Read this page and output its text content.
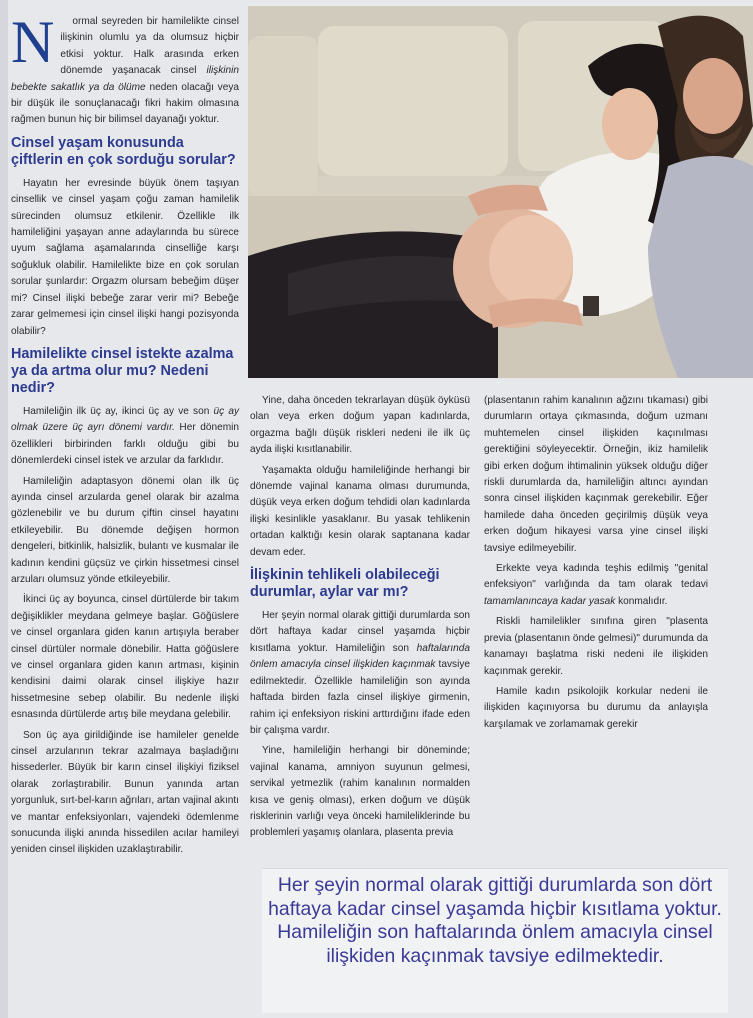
N	ormal seyreden bir hamilelikte cinsel ilişkinin olumlu ya da olumsuz hiçbir etkisi yoktur. Halk arasında erken dönemde yaşanacak cinsel ilişkinin bebekte sakatlık ya da ölüme neden olacağı veya bir düşük ile sonuçlanacağı fikri hakim olmasına rağmen bunun hiç bir bilimsel dayanağı yoktur.

Cinsel yaşam konusunda çiftlerin en çok sorduğu sorular?

Hayatın her evresinde büyük önem taşıyan cinsellik ve cinsel yaşam çoğu zaman hamilelik sürecinden olumsuz etkilenir. Özellikle ilk hamileliğini yaşayan anne adaylarında bu sürece uyum sağlama aşamalarında cinselliğe karşı soğukluk olabilir. Hamilelikte bize en çok sorulan sorular şunlardır: Orgazm olursam bebeğim düşer mi? Cinsel ilişki bebeğe zarar verir mi? Bebeğe zarar gelmemesi için cinsel ilişki hangi pozisyonda olabilir?

Hamilelikte cinsel istekte azalma ya da artma olur mu? Nedeni nedir?

Hamileliğin ilk üç ay, ikinci üç ay ve son üç ay olmak üzere üç ayrı dönemi vardır. Her dönemin özellikleri birbirinden farklı olduğu gibi bu dönemlerdeki cinsel istek ve arzular da farklıdır.

Hamileliğin adaptasyon dönemi olan ilk üç ayında cinsel arzularda genel olarak bir azalma gözlenebilir ve bu durum çiftin cinsel hayatını etkileyebilir. Bu dönemde değişen hormon dengeleri, bitkinlik, halsizlik, bulantı ve kusmalar ile kadının kendini güçsüz ve çirkin hissetmesi cinsel arzuları olumsuz yönde etkileyebilir.

İkinci üç ay boyunca, cinsel dürtülerde bir takım değişiklikler meydana gelmeye başlar. Göğüslere ve cinsel organlara giden kanın artışıyla beraber cinsel dürtüler normale dönebilir. Hatta göğüslere ve cinsel organlara giden kanın artması, kişinin kendisini daimi olarak cinsel ilişkiye hazır hissetmesine sebep olabilir. Bu nedenle ilişki esnasında dürtülerde artış bile meydana gelebilir.

Son üç aya girildiğinde ise hamileler genelde cinsel arzularının tekrar azalmaya başladığını hissederler. Büyük bir karın cinsel ilişkiyi fiziksel olarak zorlaştırabilir. Bunun yanında artan yorgunluk, sırt-bel-karın ağrıları, artan vajinal akıntı ve mantar enfeksiyonları, vajendeki ödemlenme sonucunda ilişki anında hissedilen acılar hamileyi yeniden cinsel ilişkiden uzaklaştırabilir.

Yine, daha önceden tekrarlayan düşük öyküsü olan veya erken doğum yapan kadınlarda, orgazma bağlı düşük riskleri nedeni ile ilk üç ayda ilişki kısıtlanabilir.

Yaşamakta olduğu hamileliğinde herhangi bir dönemde vajinal kanama olması durumunda, düşük veya erken doğum tehdidi olan kadınlarda ilişki kesinlikle yasaklanır. Bu yasak tehlikenin ortadan kalktığı kesin olarak saptanana kadar devam eder.

İlişkinin tehlikeli olabileceği durumlar, aylar var mı?

Her şeyin normal olarak gittiği durumlarda son dört haftaya kadar cinsel yaşamda hiçbir kısıtlama yoktur. Hamileliğin son haftalarında önlem amacıyla cinsel ilişkiden kaçınmak tavsiye edilmektedir. Özellikle hamileliğin son ayında haftada birden fazla cinsel ilişkiye girmenin, rahim içi enfeksiyon riskini arttırdığını ifade eden bir çalışma vardır.

Yine, hamileliğin herhangi bir döneminde; vajinal kanama, amniyon suyunun gelmesi, servikal yetmezlik (rahim kanalının normalden kısa ve geniş olması), erken doğum ve düşük risklerinin varlığı veya önceki hamileliklerinde bu problemleri yaşamış olanlara, plasenta previa

(plasentanın rahim kanalının ağzını tıkaması) gibi durumların ortaya çıkmasında, doğum uzmanı muhtemelen cinsel ilişkiden kaçınılması gerektiğini söyleyecektir. Örneğin, ikiz hamilelik gibi erken doğum ihtimalinin yüksek olduğu diğer riskli durumlarda da, hamileliğin altıncı ayından sonra cinsel ilişkiden kaçınmak gerekebilir. Eğer hamilede daha önceden geçirilmiş düşük veya erken doğum hikayesi varsa yine cinsel ilişki tavsiye edilmeyebilir.

Erkekte veya kadında teşhis edilmiş "genital enfeksiyon" varlığında da tam olarak tedavi tamamlanıncaya kadar yasak konmalıdır.

Riskli hamilelikler sınıfına giren "plasenta previa (plasentanın önde gelmesi)" durumunda da kanamayı başlatma riski nedeni ile ilişkiden kaçınmak gerekir.

Hamile kadın psikolojik korkular nedeni ile ilişkiden kaçınıyorsa bu durumu da anlayışla karşılamak ve zorlamamak gerekir

Her şeyin normal olarak gittiği durumlarda son dört haftaya kadar cinsel yaşamda hiçbir kısıtlama yoktur. Hamileliğin son haftalarında önlem amacıyla cinsel ilişkiden kaçınmak tavsiye edilmektedir.
